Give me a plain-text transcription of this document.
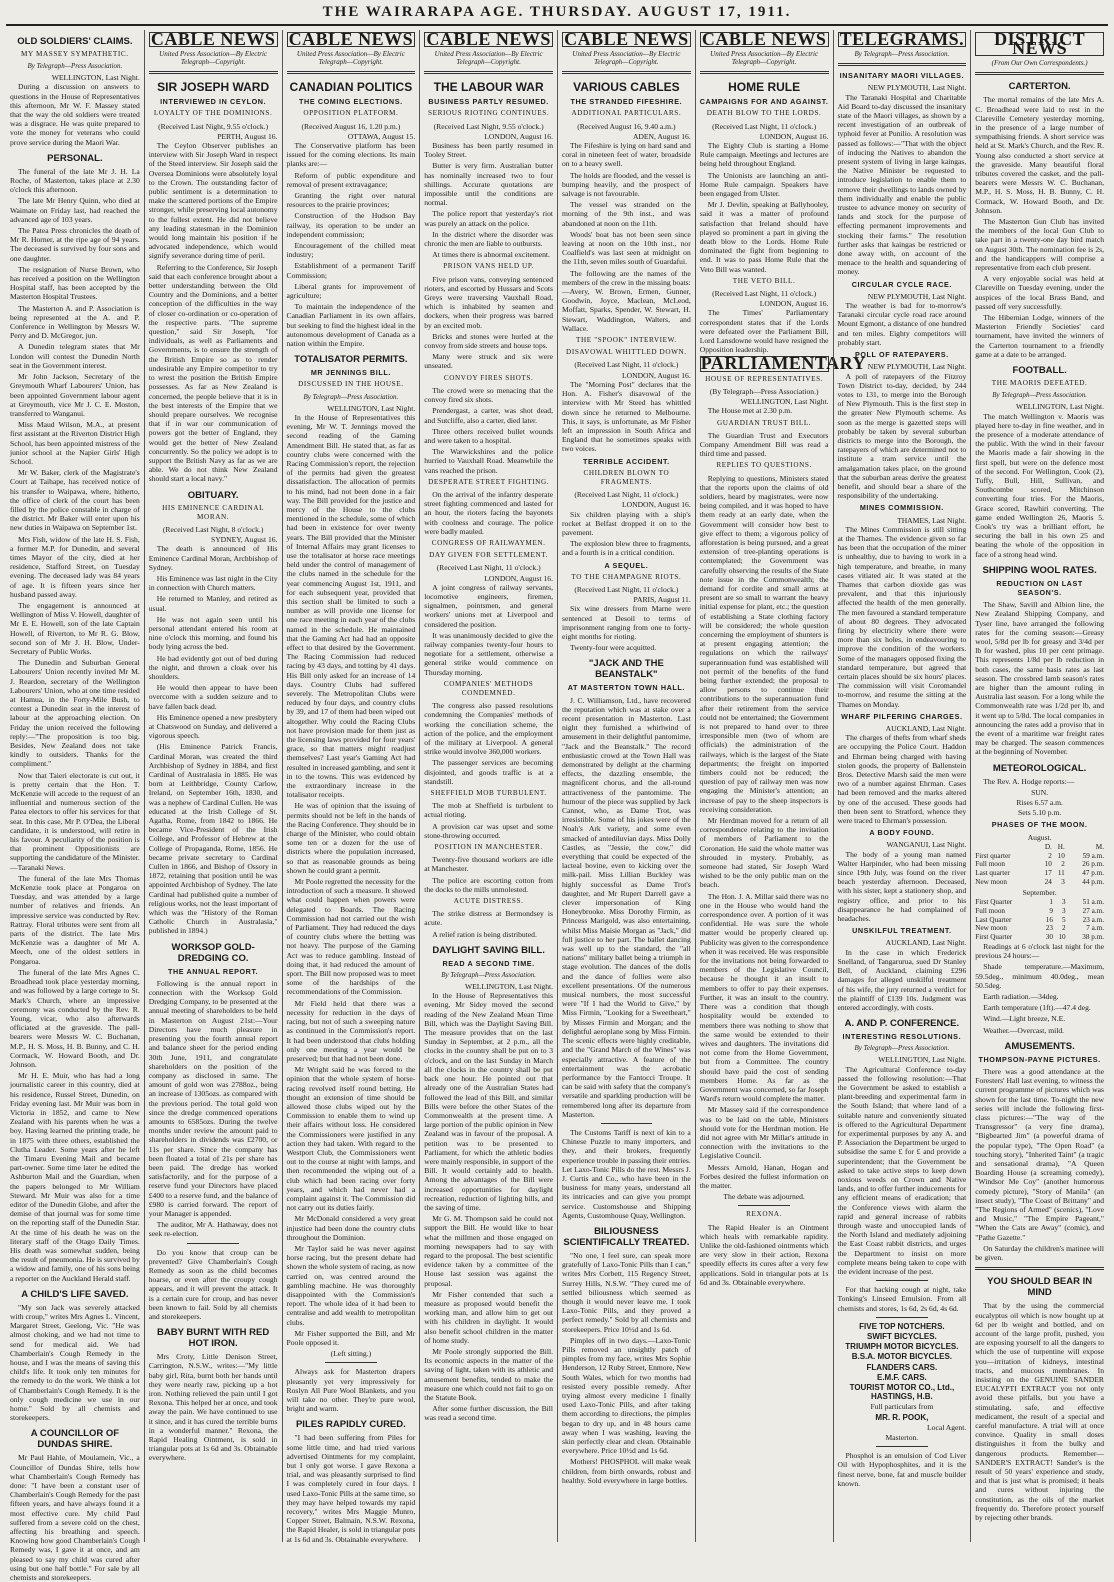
THE WAIRARAPA AGE. THURSDAY. AUGUST 17, 1911.
OLD SOLDIERS' CLAIMS.
MY MASSEY SYMPATHETIC.
By Telegraph—Press Association.
WELLINGTON, Last Night.

During a discussion on answers to questions in the House of Representatives this afternoon, Mr W. F. Massey stated that the way the old soldiers were treated was a disgrace. He was quite prepared to vote the money for veterans who could prove service during the Maori War.

PERSONAL.

The funeral of the late Mr J. H. La Roche, of Masterton, takes place at 2.30 o'clock this afternoon.

The late Mr Henry Quinn, who died at Waimate on Friday last, had reached the advanced age of 103 years.

The Patea Press chronicles the death of Mr R. Horner, at the ripe age of 94 years. The deceased is survived by four sons and one daughter.

The resignation of Nurse Brown, who has received a position on the Wellington Hospital staff, has been accepted by the Masterton Hospital Trustees.

The Masterton A. and P. Association is being represented at the A. and P. Conference in Wellington by Messrs W. Perry and D. McGregor, jun.

A Dunedin telegram states that Mr London will contest the Dunedin North seat in the Government interest.

Mr John Jackson, Secretary of the Greymouth Wharf Labourers' Union, has been appointed Government labour agent at Greymouth, vice Mr J. C. E. Moston, transferred to Wanganui.

Miss Maud Wilson, M.A., at present first assistant at the Riverton District High School, has been appointed mistress of the junior school at the Napier Girls' High School.

Mr W. Baker, clerk of the Magistrate's Court at Taihape, has received notice of his transfer to Waipawa, where, hitherto, the office of clerk of the court has been filled by the police constable in charge of the district. Mr Baker will enter upon his new duties in Waipawa on September 1st.

Mrs Fish, widow of the late H. S. Fish, a former M.P. for Dunedin, and several times Mayor of the city, died at her residence, Stafford Street, on Tuesday evening. The deceased lady was 84 years of age. It is fifteen years since her husband passed away.

The engagement is announced at Wellington of Miss V. Howell, daughter of Mr E. E. Howell, son of the late Captain Howell, of Riverton, to Mr R. G. Blow, second son of Mr J. H. Blow, Under-Secretary of Public Works.

The Dunedin and Suburban General Labourers' Union recently invited Mr M. J. Reardon, secretary of the Wellington Labourers' Union, who at one time resided at Hamua, in the Forty-Mile Bush, to contest a Dunedin seat in the interest of labour at the approaching election. On Friday the union received the following reply:—"The proposition is too big. Besides, New Zealand does not take kindly to outsiders. Thanks for the compliment."

Now that Taieri electorate is cut out, it is pretty certain that the Hon. T. McKenzie will accede to the request of an influential and numerous section of the Patea electors to offer his services for that seat. In this case, Mr P. O'Dea, the Liberal candidate, it is understood, will retire in his favour. A peculiarity of the position is that prominent Oppositionists are supporting the candidature of the Minister.—Taranaki News.

The funeral of the late Mrs Thomas McKenzie took place at Pongaroa on Tuesday, and was attended by a large number of relatives and friends. An impressive service was conducted by Rev. Rattray. Floral tributes were sent from all parts of the district. The late Mrs McKenzie was a daughter of Mr A. Meech, one of the oldest settlers in Pongaroa.

The funeral of the late Mrs Agnes C. Broadhead took place yesterday morning, and was followed by a large cortege to St. Mark's Church, where an impressive ceremony was conducted by the Rev. R. Young, vicar, who also afterwards officiated at the graveside. The pall-bearers were Messrs W. C. Buchanan, M.P., H. S. Moss, H. B. Bunny, and C. H. Cormack, W. Howard Booth, and Dr. Johnson.

Mr H. E. Muir, who has had a long journalistic career in this country, died at his residence, Russel Street, Dunedin, on Friday evening last. Mr Muir was born in Victoria in 1852, and came to New Zealand with his parents when he was a boy. Having learned the printing trade, he in 1875 with three others, established the Clutha Leader. Some years after he left the Timaru Evening Mail and became part-owner. Some time later he edited the Ashburton Mail and the Guardian, when the papers belonged to Mr William Steward. Mr Muir was also for a time editor of the Dunedin Globe, and after the demise of that journal was for some time on the reporting staff of the Dunedin Star. At the time of his death he was on the literary staff of the Otago Daily Times. His death was somewhat sudden, being the result of pneumonia. He is survived by a widow and family, one of his sons being a reporter on the Auckland Herald staff.

A CHILD'S LIFE SAVED.

"My son Jack was severely attacked with croup," writes Mrs Agnes L. Vincent, Margaret Street, Geelong, Vic. "He was almost choking, and we had not time to send for medical aid. We had Chamberlain's Cough Remedy in the house, and I was the means of saving this child's life. It took only ten minutes for the remedy to do the work. We think a lot of Chamberlain's Cough Remedy. It is the only cough medicine we use in our home." Sold by all chemists and storekeepers.

A COUNCILLOR OF DUNDAS SHIRE.

Mr Paul Hahle, of Moulamein, Vic., a Councillor of Dundas Shire, tells how what Chamberlain's Cough Remedy has done: "I have been a constant user of Chamberlain's Cough Remedy for the past fifteen years, and have always found it a most effective cure. My child Paul suffered from a severe cold on the chest, affecting his breathing and speech. Knowing how good Chamberlain's Cough Remedy was, I gave it at once, and am pleased to say my child was cured after using but one half bottle." For sale by all chemists and storekeepers.

CABLE NEWS
United Press Association—By Electric Telegraph—Copyright.
SIR JOSEPH WARD
INTERVIEWED IN CEYLON.
LOYALTY OF THE DOMINIONS.
(Received Last Night, 9.55 o'clock.)
PERTH, August 16.

The Ceylon Observer publishes an interview with Sir Joseph Ward in respect of the Steed interview. Sir Joseph said the Oversea Dominions were absolutely loyal to the Crown. The outstanding factor of public sentiment is a determination to make the scattered portions of the Empire stronger, while preserving local autonomy to the fullest extent. He did not believe any leading statesman in the Dominion would long maintain his position if he advocated independence, which would signify severance during time of peril.

Referring to the Conference, Sir Joseph said that each conference brought about a better understanding between the Old Country and the Dominions, and a better conception of the difficulties in the way of closer co-ordination or co-operation of the respective parts. "The supreme question," said Sir Joseph, "for individuals, as well as Parliaments and Governments, is to ensure the strength of the British Empire so as to render undesirable any Empire competitor to try to wrest the position the British Empire possesses. As far as New Zealand is concerned, the people believe that it is in the best interests of the Empire that we should prepare ourselves. We recognise that if in war our communication of powers got the better of England, they would get the better of New Zealand concurrently. So the policy we adopt is to support the British Navy as far as we are able. We do not think New Zealand should start a local navy."

OBITUARY.
HIS EMINENCE CARDINAL MORAN.
(Received Last Night, 8 o'clock.)
SYDNEY, August 16.

The death is announced of His Eminence Cardinal Moran, Archbishop of Sydney.

His Eminence was last night in the City in connection with Church matters.

He returned to Manley, and retired as usual.

He was not again seen until his personal attendant entered his room at nine o'clock this morning, and found his body lying across the bed.

He had evidently got out of bed during the night, and thrown a cloak over his shoulders.

He would then appear to have been overcome with a sudden seizure and to have fallen back dead.

His Eminence opened a new presbytery at Chatswood on Sunday, and delivered a vigorous speech.

(His Eminence Patrick Francis, Cardinal Moran, was created the third Archbishop of Sydney in 1884, and first Cardinal of Australasia in 1885. He was born at Leithbridge, County Carlow, Ireland, on September 16th, 1830, and was a nephew of Cardinal Cullen. He was educated at the Irish College of St. Agatha, Rome, from 1842 to 1866. He became Vice-President of the Irish College, and Professor of Hebrew at the College of Propaganda, Rome, 1856. He became private secretary to Cardinal Cullen in 1866, and Bishop of Ossory in 1872, retaining that position until he was appointed Archbishop of Sydney. The late Cardinal had published quite a number of religious works, not the least important of which was the "History of the Roman Catholic Church in Australasia," published in 1894.)

WORKSOP GOLD-DREDGING CO.
THE ANNUAL REPORT.

Following is the annual report in connection with the Worksop Gold Dredging Company, to be presented at the annual meeting of shareholders to be held in Masterton on August 21st:—Your Directors have much pleasure in presenting you the fourth annual report and balance sheet for the period ending 30th June, 1911, and congratulate shareholders on the position of the company as disclosed in same. The amount of gold won was 2788oz., being an increase of 1305ozs. as compared with the previous period. The total gold won since the dredge commenced operations amounts to 6585ozs. During the twelve months under review the amount paid to shareholders in dividends was £2700, or 11s per share. Since the company has been floated a total of 21s per share has been paid. The dredge has worked satisfactorily, and for the purpose of a reserve fund your Directors have placed £400 to a reserve fund, and the balance of £980 is carried forward. The report of your Manager is appended.

The auditor, Mr A. Hathaway, does not seek re-election.

Do you know that croup can be prevented? Give Chamberlain's Cough Remedy as soon as the child becomes hoarse, or even after the croupy cough appears, and it will prevent the attack. It is a certain cure for croup, and has never been known to fail. Sold by all chemists and storekeepers.

BABY BURNT WITH RED HOT IRON.

Mrs Croty, Little Denison Street, Carrington, N.S.W., writes:—"My little baby girl, Rita, burnt both her hands until they were nearly raw, picking up a hot iron. Nothing relieved the pain until I got Rexona. This helped her at once, and took away the pain. We have continued to use it since, and it has cured the terrible burns in a wonderful manner." Rexona, the Rapid Healing Ointment, is sold in triangular pots at 1s 6d and 3s. Obtainable everywhere.

CABLE NEWS
United Press Association—By Electric Telegraph—Copyright.
CANADIAN POLITICS
THE COMING ELECTIONS.
OPPOSITION PLATFORM.
(Received August 16, 1.20 p.m.)
OTTAWA, August 15.

The Conservative platform has been issued for the coming elections. Its main planks are:—

Reform of public expenditure and removal of present extravagance;

Granting the right over natural resources to the prairie provinces;

Construction of the Hudson Bay railway, its operation to be under an independent commission;

Encouragement of the chilled meat industry;

Establishment of a permanent Tariff Commission;

Liberal grants for improvement of agriculture;

To maintain the independence of the Canadian Parliament in its own affairs, but seeking to find the highest ideal in the autonomous development of Canada as a nation within the Empire.

TOTALISATOR PERMITS.
MR JENNINGS BILL.
DISCUSSED IN THE HOUSE.
By Telegraph—Press Association.
WELLINGTON, Last Night.

In the House of Representatives this evening, Mr W. T. Jennings moved the second reading of the Gaming Amendment Bill. He stated that, as far as country clubs were concerned with the Racing Commission's report, the rejection of the permits had given the greatest dissatisfaction. The allocation of permits to his mind, had not been done in a fair way. The Bill provided for the justice and mercy of the House to the clubs mentioned in the schedule, some of which had been in existence for over twenty years. The Bill provided that the Minister of Internal Affairs may grant licenses to use the totalisator at horse race meetings held under the control of management of the clubs named in the schedule for the year commencing August 1st, 1911, and for each subsequent year, provided that this section shall be limited to such a number as will provide one license for one race meeting in each year of the clubs named in the schedule. He maintained that the Gaming Act had had an opposite effect to that desired by the Government. The Racing Commission had reduced racing by 43 days, and totting by 41 days. His Bill only asked for an increase of 14 days. Country Clubs had suffered severely. The Metropolitan Clubs were reduced by four days, and country clubs by 39, and 17 of them had been wiped out altogether. Why could the Racing Clubs not have provision made for them just as the licensing laws provided for four years' grace, so that matters might readjust themselves? Last year's Gaming Act had resulted in increased gambling, and sent it in to the towns. This was evidenced by the extraordinary increase in the totalisator receipts.

He was of opinion that the issuing of permits should not be left in the hands of the Racing Conference. They should be in charge of the Minister, who could obtain some ten or a dozen for the use of districts where the population increased, so that as reasonable grounds as being shown he could grant a permit.

Mr Poole regretted the necessity for the introduction of such a measure. It showed what could happen when powers were delegated to Boards. The Racing Commission had not carried out the wish of Parliament. They had reduced the days of country clubs where the betting was not heavy. The purpose of the Gaming Act was to reduce gambling. Instead of doing that, it had reduced the amount of sport. The Bill now proposed was to meet some of the hardships of the recommendations of the Commission.

Mr Field held that there was a necessity for reduction in the days of racing, but not of such a sweeping nature as continued in the Commission's report. It had been understood that clubs holding only one meeting a year would be preserved; but that had not been done.

Mr Wright said he was forced to the opinion that the whole system of horse-racing revolved itself round betting. He thought an extension of time should be allowed those clubs wiped out by the Commission to enable them to wind up their affairs without loss. He considered the Commissioners were justified in any action they had taken. With regard to the Westport Club, the Commissioners went out to the course at night with lamps, and then recommended the wiping out of a club which had been racing over forty years, and which had never had a complaint against it. The Commission did not carry out its duties fairly.

Mr McDonald considered a very great injustice had been done the country clubs throughout the Dominion.

Mr Taylor said he was never against horse racing, but the present debate had shown the whole system of racing, as now carried on, was centred around the gambling machine. He was thoroughly disappointed with the Commission's report. The whole idea of it had been to centralise and add wealth to metropolitan clubs.

Mr Fisher supported the Bill, and Mr Poole opposed it.

(Left sitting.)

Always ask for Masterton drapers pleasantly yet very impressively for Roslyn All Pure Wool Blankets, and you will take no other. They're pure wool, bright and warm.

PILES RAPIDLY CURED.

"I had been suffering from Piles for some little time, and had tried various advertised Ointments for my complaint, but I only got worse. I gave Rexona a trial, and was pleasantly surprised to find I was completely cured in four days. I used Laxo-Tonic Pills at the same time, so they may have helped towards my rapid recovery," writes Mrs Maggie Munro, Copper Street, Balmain, N.S.W. Rexona, the Rapid Healer, is sold in triangular pots at 1s 6d and 3s. Obtainable everywhere.

CABLE NEWS
United Press Association—By Electric Telegraph—Copyright.
THE LABOUR WAR
BUSINESS PARTLY RESUMED.
SERIOUS RIOTING CONTINUES.
(Received Last Night, 9.55 o'clock.)
LONDON, August 16.

Business has been partly resumed in Tooley Street.

Butter is very firm. Australian butter has nominally increased two to four shillings. Accurate quotations are impossible until the conditions are normal.

The police report that yesterday's riot was purely an attack on the police.

In the district where the disorder was chronic the men are liable to outbursts.

At times there is abnormal excitement.

PRISON VANS HELD UP.

Five prison vans, conveying sentenced rioters, and escorted by Hussars and Scots Greys were traversing Vauxhall Road, which is inhabited by seamen and dockers, when their progress was barred by an excited mob.

Bricks and stones were hurled at the convoy from side streets and house tops.

Many were struck and six were unseated.

CONVOY FIRES SHOTS.

The crowd were so menacing that the convoy fired six shots.

Prendergast, a carter, was shot dead, and Sutcliffe, also a carter, died later.

Three others received bullet wounds and were taken to a hospital.

The Warwickshires and the police hurried to Vauxhall Road. Meanwhile the vans reached the prison.

DESPERATE STREET FIGHTING.

On the arrival of the infantry desperate street fighting commenced and lasted for an hour, the rioters facing the bayonets with coolness and courage. The police were badly mauled.

CONGRESS OF RAILWAYMEN.
DAY GIVEN FOR SETTLEMENT.
(Received Last Night, 11 o'clock.)
LONDON, August 16.

A joint congress of railway servants, locomotive engineers, firemen, signalmen, pointsmen, and general workers' unions met at Liverpool and considered the position.

It was unanimously decided to give the railway companies twenty-four hours to negotiate for a settlement, otherwise a general strike would commence on Thursday morning.

COMPANIES' METHODS CONDEMNED.

The congress also passed resolutions condemning the Companies' methods of working the conciliation scheme, the action of the police, and the employment of the military at Liverpool. A general strike would involve 360,000 workers.

The passenger services are becoming disjointed, and goods traffic is at a standstill.

SHEFFIELD MOB TURBULENT.

The mob at Sheffield is turbulent to actual rioting.

A provision car was upset and some stone-throwing occurred.

POSITION IN MANCHESTER.

Twenty-five thousand workers are idle at Manchester.

The police are escorting cotton from the docks to the mills unmolested.

ACUTE DISTRESS.

The strike distress at Bermondsey is acute.

A relief ration is being distributed.

DAYLIGHT SAVING BILL.
READ A SECOND TIME.
By Telegraph—Press Association.
WELLINGTON, Last Night.

In the House of Representatives this evening, Mr Sidey moved the second reading of the New Zealand Mean Time Bill, which was the Daylight Saving Bill. The measure provides that on the last Sunday in September, at 2 p.m., all the clocks in the country shall be put on to 3 o'clock, and on the last Sunday in March all the clocks in the country shall be put back one hour. He pointed out that already one of the Australian States had followed the lead of this Bill, and similar Bills were before the other States of the Commonwealth at the present time. A large portion of the public opinion in New Zealand was in favour of the proposal. A petition was to be presented to Parliament, for which the athletic bodies were mainly responsible, in support of the Bill. It would certainly add to health. Among the advantages of the Bill were increased opportunities for daylight recreation, reduction of lighting bills, and the saving of time.

Mr G. M. Thompson said he could not support the Bill. He would like to hear what the millmen and those engaged on morning newspapers had to say with regard to the proposal. The best scientific evidence taken by a committee of the House last session was against the proposal.

Mr Fisher contended that such a measure as proposed would benefit the working man, and allow him to get out with his children in daylight. It would also benefit school children in the matter of home study.

Mr Poole strongly supported the Bill. Its economic aspects in the matter of the saving of light, taken with its athletic and amusement benefits, tended to make the measure one which could not fail to go on the Statute Book.

After some further discussion, the Bill was read a second time.

CABLE NEWS
United Press Association—By Electric Telegraph—Copyright.
VARIOUS CABLES
THE STRANDED FIFESHIRE.
ADDITIONAL PARTICULARS.
(Received August 16, 9.40 a.m.)
ADEN, August 16.

The Fifeshire is lying on hard sand and coral in nineteen feet of water, broadside on to a heavy swell.

The holds are flooded, and the vessel is bumping heavily, and the prospect of salvage is not favourable.

The vessel was stranded on the morning of the 9th inst., and was abandoned at noon on the 11th.

Woods' boat has not been seen since leaving at noon on the 10th inst., nor Coalfield's was last seen at midnight on the 11th, seven miles south of Guardafui.

The following are the names of the members of the crew in the missing boats:—Avery, W. Brown, Ermen, Gunner, Goodwin, Joyce, Maclean, McLeod, Moffatt, Sparks, Spender, W. Stewart, H. Stewart, Waddington, Walters, and Wallace.

THE "SPOOK" INTERVIEW.
DISAVOWAL WHITTLED DOWN.
(Received Last Night, 11 o'clock.)
LONDON, August 16.

The "Morning Post" declares that the Hon. A. Fisher's disavowal of the interview with Mr Steed has whittled down since he returned to Melbourne. This, it says, is unfortunate, as Mr Fisher left an impression in South Africa and England that he sometimes speaks with two voices.

TERRIBLE ACCIDENT.
CHILDREN BLOWN TO FRAGMENTS.
(Received Last Night, 11 o'clock.)
LONDON, August 16.

Six children playing with a ship's rocket at Belfast dropped it on to the pavement.

The explosion blew three to fragments, and a fourth is in a critical condition.

A SEQUEL.
TO THE CHAMPAGNE RIOTS.
(Received Last Night, 11 o'clock.)
PARIS, August 11.

Six wine dressers from Marne were sentenced at Desoil to terms of imprisonment ranging from one to forty-eight months for rioting.

Twenty-four were acquitted.

"JACK AND THE BEANSTALK"
AT MASTERTON TOWN HALL.

J. C. Williamson, Ltd., have recovered the reputation which was at stake over a recent presentation in Masterton. Last night they furnished a whirlwind of amusement in their delightful pantomime, "Jack and the Beanstalk." The record enthusiastic crowd at the Town Hall was demonstrated by delight at the charming effects, the dazzling ensemble, the magnificent chorus, and the all-round attractiveness of the pantomime. The humour of the piece was supplied by Jack Cannot, who, as Dame Trot, was irresistible. Some of his jokes were of the Noah's Ark variety, and some even smacked of antediluvian days. Miss Dolly Castles, as "Jessie, the cow," did everything that could be expected of the lacteal bovine, even to kicking over the milk-pail. Miss Lillian Buckley was highly successful as Dame Trot's daughter, and Mr Rupert Darrell gave a clever impersonation of King Honeybrooke. Miss Dorothy Firmin, as Princess Marigold, was also entertaining, whilst Miss Maisie Morgan as "Jack," did full justice to her part. The ballet dancing was well up to the standard, the "all nations" military ballet being a triumph in stage evolution. The dances of the dolls and the dance of follies were also excellent presentations. Of the numerous musical numbers, the most successful were "If I had the World to Give," by Miss Firmin, "Looking for a Sweetheart," by Misses Firmin and Morgan; and the delightful aeroplane song by Miss Firmin. The scenic effects were highly creditable, and the "Grand March of the Wines" was especially attractive. A feature of the entertainment was the acrobatic performance by the Fantocci Troupe. It can be said with safety that the company's versatile and sparkling production will be remembered long after its departure from Masterton.

The Customs Tariff is next of kin to a Chinese Puzzle to many importers, and they, and their brokers, frequently experience trouble in passing their entries. Let Laxo-Tonic Pills do the rest. Messrs J. J. Curtis and Co., who have been in the business for many years, understand all its intricacies and can give you prompt service. Customshouse and Shipping Agents, Customhouse Quay, Wellington.

BILIOUSNESS SCIENTIFICALLY TREATED.

"No one, I feel sure, can speak more gratefully of Laxo-Tonic Pills than I can," writes Mrs Corbett, 115 Regency Street, Surrey Hills, N.S.W. "They cured me of settled biliousness which seemed as though it would never leave me. I took Laxo-Tonic Pills, and they proved a perfect remedy." Sold by all chemists and storekeepers. Price 10½d and 1s 6d.

Pimples off in two days.—Laxo-Tonic Pills removed an unsightly patch of pimples from my face, writes Mrs Sophie Henderson, 12 Ruby Street, Enmore, New South Wales, which for two months had resisted every possible remedy. After trying almost every medicine I finally used Laxo-Tonic Pills, and after taking them according to directions, the pimples began to dry up, and in 48 hours came away when I was washing, leaving the skin perfectly clear and clean. Obtainable everywhere. Price 10½d and 1s 6d.

Mothers! PHOSPHOL will make weak children, from birth onwards, robust and healthy. Sold everywhere in large bottles.

CABLE NEWS
United Press Association—By Electric Telegraph—Copyright.
HOME RULE
CAMPAIGNS FOR AND AGAINST.
DEATH BLOW TO THE LORDS.
(Received Last Night, 11 o'clock.)
LONDON, August 16.

The Eighty Club is starting a Home Rule campaign. Meetings and lectures are being held throughout England.

The Unionists are launching an anti-Home Rule campaign. Speakers have been engaged from Ulster.

Mr J. Devlin, speaking at Ballyhooley, said it was a matter of profound satisfaction that Ireland should have played so prominent a part in giving the death blow to the Lords. Home Rule dominated the fight from beginning to end. It was to pass Home Rule that the Veto Bill was wanted.

THE VETO BILL.
(Received Last Night, 11 o'clock.)
LONDON, August 16.

The Times' Parliamentary correspondent states that if the Lords were defeated over the Parliament Bill, Lord Lansdowne would have resigned the Opposition leadership.

PARLIAMENTARY
HOUSE OF REPRESENTATIVES.
(By Telegraph—Press Association.)
WELLINGTON, Last Night.

The House met at 2.30 p.m.

GUARDIAN TRUST BILL.

The Guardian Trust and Executors Company Amendment Bill was read a third time and passed.

REPLIES TO QUESTIONS.

Replying to questions, Ministers stated that the reports upon the claims of old soldiers, heard by magistrates, were now being compiled, and it was hoped to have them ready at an early date, when the Government will consider how best to give effect to them; a vigorous policy of afforestation is being pursued, and a great extension of tree-planting operations is contemplated; the Government was carefully observing the results of the State note issue in the Commonwealth; the demand for cordite and small arms at present are so small to warrant the heavy initial expense for plant, etc.; the question of establishing a State clothing factory will be considered; the whole question concerning the employment of shunters is at present engaging attention; the regulations on which the railways' superannuation fund was established will not permit of the benefits of the fund being further extended; the proposal to allow persons to continue their contributions to the superannuation fund after their retirement from the service could not be entertained; the Government is not prepared to hand over to three irresponsible men (two of whom are officials) the administration of the railways, which is the largest of the State departments; the freight on imported timbers could not be reduced; the question of pay of railway men was now engaging the Minister's attention; an increase of pay to the sheep inspectors is receiving consideration.

Mr Herdman moved for a return of all correspondence relating to the invitation of members of Parliament to the Coronation. He said the whole matter was shrouded in mystery. Probably, as someone had stated, Sir Joseph Ward wished to be the only public man on the beach.

The Hon. J. A. Millar said there was no one in the House who would hand the correspondence over. A portion of it was confidential. He was sure the whole matter would be properly cleared up. Publicity was given to the correspondence when it was received. He was responsible for the invitations not being forwarded to members of the Legislative Council, because he thought it an insult to members to offer to pay their expenses. Further, it was an insult to the country. There was a condition that though hospitality would be extended to members there was nothing to show that the same would be extended to their wives and daughters. The invitations did not come from the Home Government, but from a Committee. The country should have paid the cost of sending members Home. As far as the Government was concerned, so far Joseph Ward's return would complete the matter.

Mr Massey said if the correspondence was to be laid on the table, Ministers should vote for the Herdman motion. He did not agree with Mr Millar's attitude in connection with the invitations to the Legislative Council.

Messrs Arnold, Hanan, Hogan and Forbes desired the fullest information on the matter.

The debate was adjourned.
REXONA.

The Rapid Healer is an Ointment which heals with remarkable rapidity. Unlike the old-fashioned ointments which are very slow in their action, Rexona speedily effects its cures after a very few applications. Sold in triangular pots at 1s 6d and 3s. Obtainable everywhere.

TELEGRAMS.
By Telegraph—Press Association.
INSANITARY MAORI VILLAGES.
NEW PLYMOUTH, Last Night.

The Taranaki Hospital and Charitable Aid Board to-day discussed the insanitary state of the Maori villages, as shown by a recent investigation of an outbreak of typhoid fever at Punilio. A resolution was passed as follows:—"That with the object of inducing the Natives to abandon the present system of living in large kaingas, the Native Minister be requested to introduce legislation to enable them to remove their dwellings to lands owned by them individually and enable the public trustee to advance money on security of lands and stock for the purpose of effecting permanent improvements and stocking their farms." The resolution further asks that kaingas be restricted or done away with, on account of the menace to the health and squandering of money.

CIRCULAR CYCLE RACE.
NEW PLYMOUTH, Last Night.

The weather is bad for to-morrow's Taranaki circular cycle road race around Mount Egmont, a distance of one hundred and ten miles. Eighty competitors will probably start.

POLL OF RATEPAYERS.
NEW PLYMOUTH, Last Night.

A poll of ratepayers of the Fitzroy Town District to-day, decided, by 244 votes to 131, to merge into the Borough of New Plymouth. This is the first step in the greater New Plymouth scheme. As soon as the merge is gazetted steps will probably be taken by several suburban districts to merge into the Borough, the ratepayers of which are determined not to institute a tram service until the amalgamation takes place, on the ground that the suburban areas derive the greatest benefit, and should bear a share of the responsibility of the undertaking.

MINES COMMISSION.
THAMES, Last Night.

The Mines Commission is still sitting at the Thames. The evidence given so far has been that the occupation of the miner is unhealthy, due to having to work in a high temperature, and breathe, in many cases vitiated air. It was stated at the Thames that carbon dioxide gas was prevalent, and that this injuriously affected the health of the men generally. The men favoured a standard temperature of about 80 degrees. They advocated firing by electricity where there were more than six holes, in endeavouring to improve the condition of the workers. Some of the managers opposed fixing the standard temperature, but agreed that certain places should be six hours' places. The commission will visit Coromandel to-morrow, and resume the sitting at the Thames on Monday.

WHARF PILFERING CHARGES.
AUCKLAND, Last Night.

The charges of thefts from wharf sheds are occupying the Police Court. Haddon and Ehrman being charged with having stolen goods, the property of Ballenstein Bros. Detective Marsh said the men were two of a number against Ehrman. Cases had been removed and the marks altered by one of the accused. These goods had then been sent to Stratford, whence they were traced to Ehrman's possession.

A BODY FOUND.
WANGANUI, Last Night.

The body of a young man named Walter Harpinder, who had been missing since 19th July, was found on the river beach yesterday afternoon. Deceased, with his sister, kept a stationery shop, and registry office, and prior to his disappearance he had complained of headaches.

UNSKILFUL TREATMENT.
AUCKLAND, Last Night.

In the case in which Frederick Snelland, of Tangarurua, sued Dr Stanley Bell, of Auckland, claiming £296 damages for alleged unskilful treatment of his wife, the jury returned a verdict for the plaintiff of £139 10s. Judgment was entered accordingly, with costs.

A. AND P. CONFERENCE.
INTERESTING RESOLUTIONS.
By Telegraph—Press Association.
WELLINGTON, Last Night.

The Agricultural Conference to-day passed the following resolution:—That the Government be asked to establish a plant-breeding and experimental farm in the South Island; that where land of a suitable nature and conveniently situated is offered to the Agricultural Department for experimental purposes by any A. and P. Association the Department be urged to subsidise the same £ for £ and provide a superintendent; that the Government be asked to take active steps to keep down noxious weeds on Crown and Native lands, and to offer further inducements for any efficient means of eradication; that the Conference views with alarm the rapid and general increase of rabbits through waste and unoccupied lands of the North Island and mediately adjoining the East Coast rabbit districts, and urges the Department to insist on more complete means being taken to cope with the evident increase of the pest.

For that hacking cough at night, take Tonking's Linseed Emulsion. From all chemists and stores, 1s 6d, 2s 6d, 4s 6d.

FIVE TOP NOTCHERS.
SWIFT BICYCLES.
TRIUMPH MOTOR BICYCLES.
B.S.A. MOTOR BICYCLES.
FLANDERS CARS.
E.M.F. CARS.
TOURIST MOTOR CO., Ltd., HASTINGS, H.B.
Full particulars from
MR. R. POOK,
Local Agent.
Masterton.

Phosphol is an emulsion of Cod Liver Oil with Hypophosphites, and it is the finest nerve, bone, fat and muscle builder known.

DISTRICT NEWS
(From Our Own Correspondents.)
CARTERTON.

The mortal remains of the late Mrs A. C. Broadhead were laid to rest in the Clareville Cemetery yesterday morning, in the presence of a large number of sympathising friends. A short service was held at St. Mark's Church, and the Rev. R. Young also conducted a short service at the graveside. Many beautiful floral tributes covered the casket, and the pall-bearers were Messrs W. C. Buchanan, M.P., H. S. Moss, H. B. Bunny, C. H. Cormack, W. Howard Booth, and Dr. Johnson.

The Masterton Gun Club has invited the members of the local Gun Club to take part in a twenty-one day bird match on August 30th. The nomination fee is 2s, and the handicappers will comprise a representative from each club present.

A very enjoyable social was held at Clareville on Tuesday evening, under the auspices of the local Brass Band, and passed off very successfully.

The Hibernian Lodge, winners of the Masterton Friendly Societies' card tournament, have invited the winners of the Carterton tournament to a friendly game at a date to be arranged.

FOOTBALL.
THE MAORIS DEFEATED.
By Telegraph—Press Association.
WELLINGTON, Last Night.

The match Wellington v. Maoris was played here to-day in fine weather, and in the presence of a moderate attendance of the public. With the wind in their favour the Maoris made a fair showing in the first spell, but were on the defence most of the second. For Wellington, Cook (2), Tuffy, Bull, Hill, Sullivan, and Southcombe scored, Mitchinson converting four tries. For the Maoris, Grace scored, Rawhiri converting. The game ended Wellington 26, Maoris 5. Cook's try was a brilliant effort, he securing the ball in his own 25 and beating the whole of the opposition in face of a strong head wind.

SHIPPING WOOL RATES.
REDUCTION ON LAST SEASON'S.

The Shaw, Savill and Albion line, the New Zealand Shipping Company, and Tyser line, have arranged the following rates for the coming season:—Greasy wool, 5/8d per lb for greasy and 3/4d per lb for washed, plus 10 per cent primage. This represents 1/8d per lb reduction in both cases, the same basis rates as last season. The crossbred lamb season's rates are higher than the amount ruling in Australia last season. For a long while the Commonwealth rate was 1/2d per lb, and it went up to 5/8d. The local companies in announcing the rates add a proviso that in the event of a maritime war freight rates may be charged. The season commences at the beginning of November.

METEOROLOGICAL.

The Rev. A. Hodge reports:—

SUN.
Rises 6.57 a.m.
Sets 5.10 p.m.
PHASES OF THE MOON.
August.
	D.	H.	M.
First quarter	2	10	59 a.m.
Full moon	10	2	26 p.m.
Last quarter	17	11	47 p.m.
New moon	24	3	44 p.m.
September.
First Quarter	1	3	51 a.m.
Full moon	9	3	27 a.m.
Last Quarter	16	5	23 a.m.
New moon	23	2	7 a.m.
First Quarter	30	10	38 p.m.

Readings at 6 o'clock last night for the previous 24 hours:—

Shade temperature.—Maximum, 59.5deg., minimum 40.0deg., mean 50.5deg.

Earth radiation.—34deg.

Earth temperature (1ft).—47.4 deg.

Wind.—Light breeze, N.E.

Weather.—Overcast, mild.

AMUSEMENTS.
THOMPSON-PAYNE PICTURES.

There was a good attendance at the Foresters' Hall last evening, to witness the current programme of pictures which was shown for the last time. To-night the new series will include the following first-class pictures:—"The way of the Transgressor" (a very fine drama), "Bigbearted Jim" (a powerful drama of the popular type), "The Open Road" (a touching story), "Inherited Taint" (a tragic and sensational drama), "A Queen Boarding House (a screaming comedy), "Windsor Me Coy" (another humorous comedy picture), "Story of Manila" (an insect study), "The Coast of Brittany" and "The Regions of Armed" (scenics), "Love and Music," "The Empire Pageant," "When the Cats are Away" (comic), and "Pathe Gazette."

On Saturday the children's matinee will be given.

YOU SHOULD BEAR IN MIND

That by the using the commercial eucalyptus oil which is now bought up at 6d per lb weight and bottled, and on account of the large profit, pushed, you are exposing yourself to all the dangers to which the use of turpentine will expose you—irritation of kidneys, intestinal tracts, and mucous membranes. In insisting on the GENUINE SANDER EUCALYPTI EXTRACT you not only avoid these pitfalls, but you have a stimulating, safe, and effective medicament, the result of a special and careful manufacture. A trial will at once convince. Quality in small doses distinguishes it from the bulky and dangerous products. Remember—SANDER'S EXTRACT! Sander's is the result of 50 years' experience and study, and that is just what is promised; it heals and cures without injuring the constitution, as the oils of the market frequently do. Therefore protect yourself by rejecting other brands.
